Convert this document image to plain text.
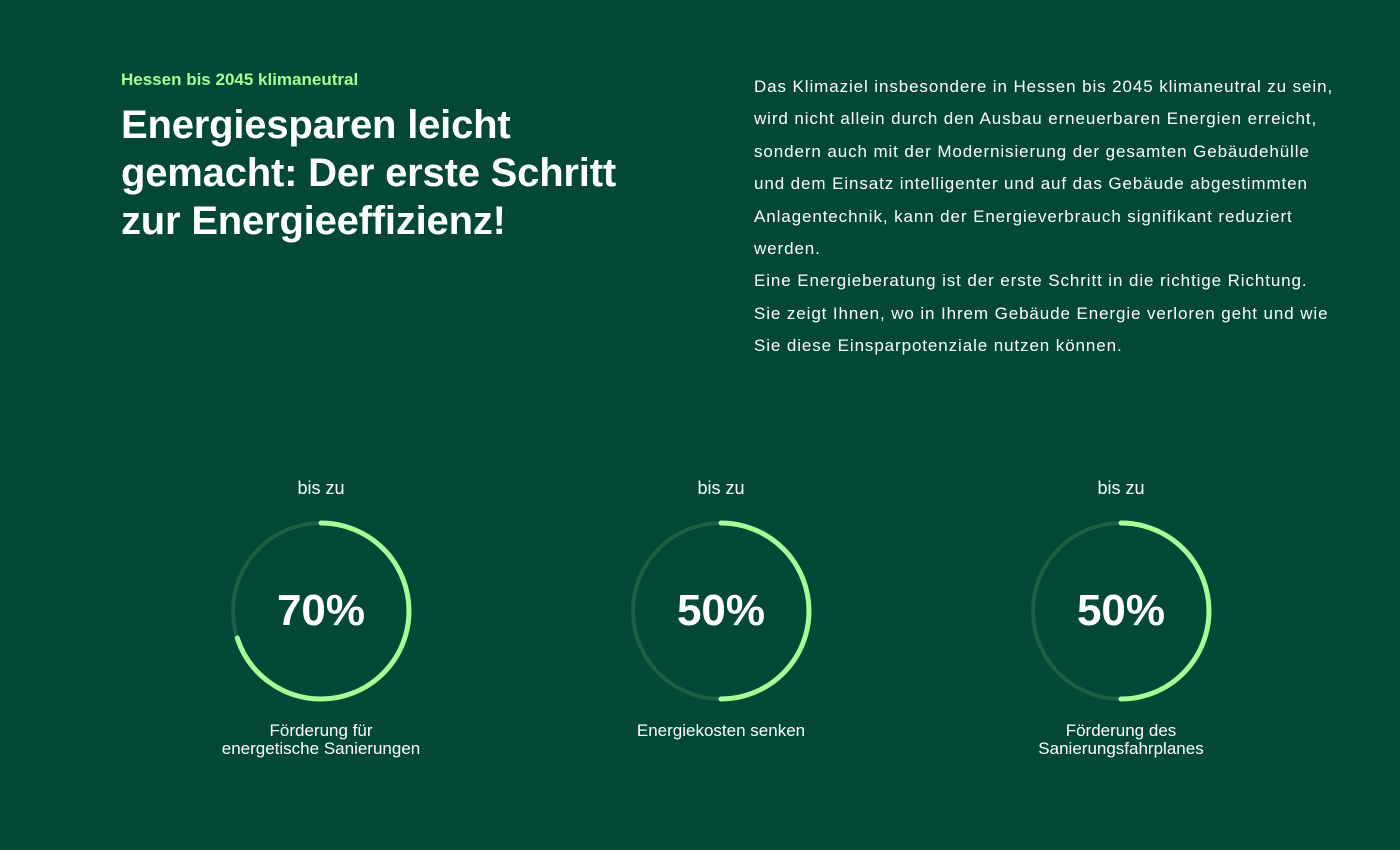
Hessen bis 2045 klimaneutral
Energiesparen leicht gemacht: Der erste Schritt zur Energieeffizienz!

Das Klimaziel insbesondere in Hessen bis 2045 klimaneutral zu sein, wird nicht allein durch den Ausbau erneuerbaren Energien erreicht, sondern auch mit der Modernisierung der gesamten Gebäudehülle und dem Einsatz intelligenter und auf das Gebäude abgestimmten Anlagentechnik, kann der Energieverbrauch signifikant reduziert werden.

Eine Energieberatung ist der erste Schritt in die richtige Richtung. Sie zeigt Ihnen, wo in Ihrem Gebäude Energie verloren geht und wie Sie diese Einsparpotenziale nutzen können.

bis zu
70%
Förderung für energetische Sanierungen
bis zu
50%
Energiekosten senken
bis zu
50%
Förderung des Sanierungsfahrplanes
